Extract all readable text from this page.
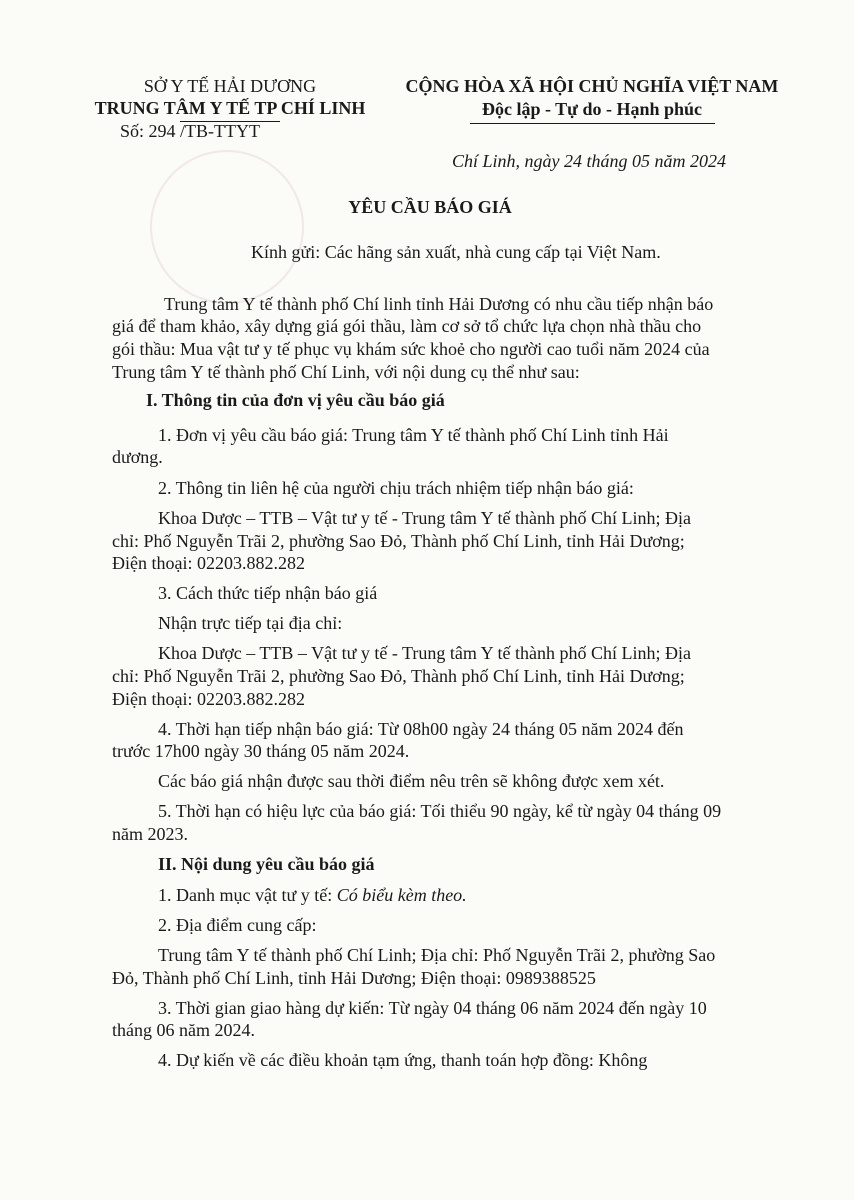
SỞ Y TẾ HẢI DƯƠNG
TRUNG TÂM Y TẾ TP CHÍ LINH
Số: 294 /TB-TTYT
CỘNG HÒA XÃ HỘI CHỦ NGHĨA VIỆT NAM
Độc lập - Tự do - Hạnh phúc
Chí Linh, ngày 24 tháng 05 năm 2024
YÊU CẦU BÁO GIÁ
Kính gửi: Các hãng sản xuất, nhà cung cấp tại Việt Nam.
Trung tâm Y tế thành phố Chí linh tỉnh Hải Dương có nhu cầu tiếp nhận báo
giá để tham khảo, xây dựng giá gói thầu, làm cơ sở tổ chức lựa chọn nhà thầu cho
gói thầu: Mua vật tư y tế phục vụ khám sức khoẻ cho người cao tuổi năm 2024 của
Trung tâm Y tế thành phố Chí Linh, với nội dung cụ thể như sau:
I. Thông tin của đơn vị yêu cầu báo giá
1. Đơn vị yêu cầu báo giá: Trung tâm Y tế thành phố Chí Linh tỉnh Hải
dương.
2. Thông tin liên hệ của người chịu trách nhiệm tiếp nhận báo giá:
Khoa Dược – TTB – Vật tư y tế - Trung tâm Y tế thành phố Chí Linh; Địa
chỉ: Phố Nguyễn Trãi 2, phường Sao Đỏ, Thành phố Chí Linh, tỉnh Hải Dương;
Điện thoại: 02203.882.282
3. Cách thức tiếp nhận báo giá
Nhận trực tiếp tại địa chỉ:
Khoa Dược – TTB – Vật tư y tế - Trung tâm Y tế thành phố Chí Linh; Địa
chỉ: Phố Nguyễn Trãi 2, phường Sao Đỏ, Thành phố Chí Linh, tỉnh Hải Dương;
Điện thoại: 02203.882.282
4. Thời hạn tiếp nhận báo giá: Từ 08h00 ngày 24 tháng 05 năm 2024 đến
trước 17h00 ngày 30 tháng 05 năm 2024.
Các báo giá nhận được sau thời điểm nêu trên sẽ không được xem xét.
5. Thời hạn có hiệu lực của báo giá: Tối thiểu 90 ngày, kể từ ngày 04 tháng 09
năm 2023.
II. Nội dung yêu cầu báo giá
1. Danh mục vật tư y tế: Có biểu kèm theo.
2. Địa điểm cung cấp:
Trung tâm Y tế thành phố Chí Linh; Địa chỉ: Phố Nguyễn Trãi 2, phường Sao
Đỏ, Thành phố Chí Linh, tỉnh Hải Dương; Điện thoại: 0989388525
3. Thời gian giao hàng dự kiến: Từ ngày 04 tháng 06 năm 2024 đến ngày 10
tháng 06 năm 2024.
4. Dự kiến về các điều khoản tạm ứng, thanh toán hợp đồng: Không
